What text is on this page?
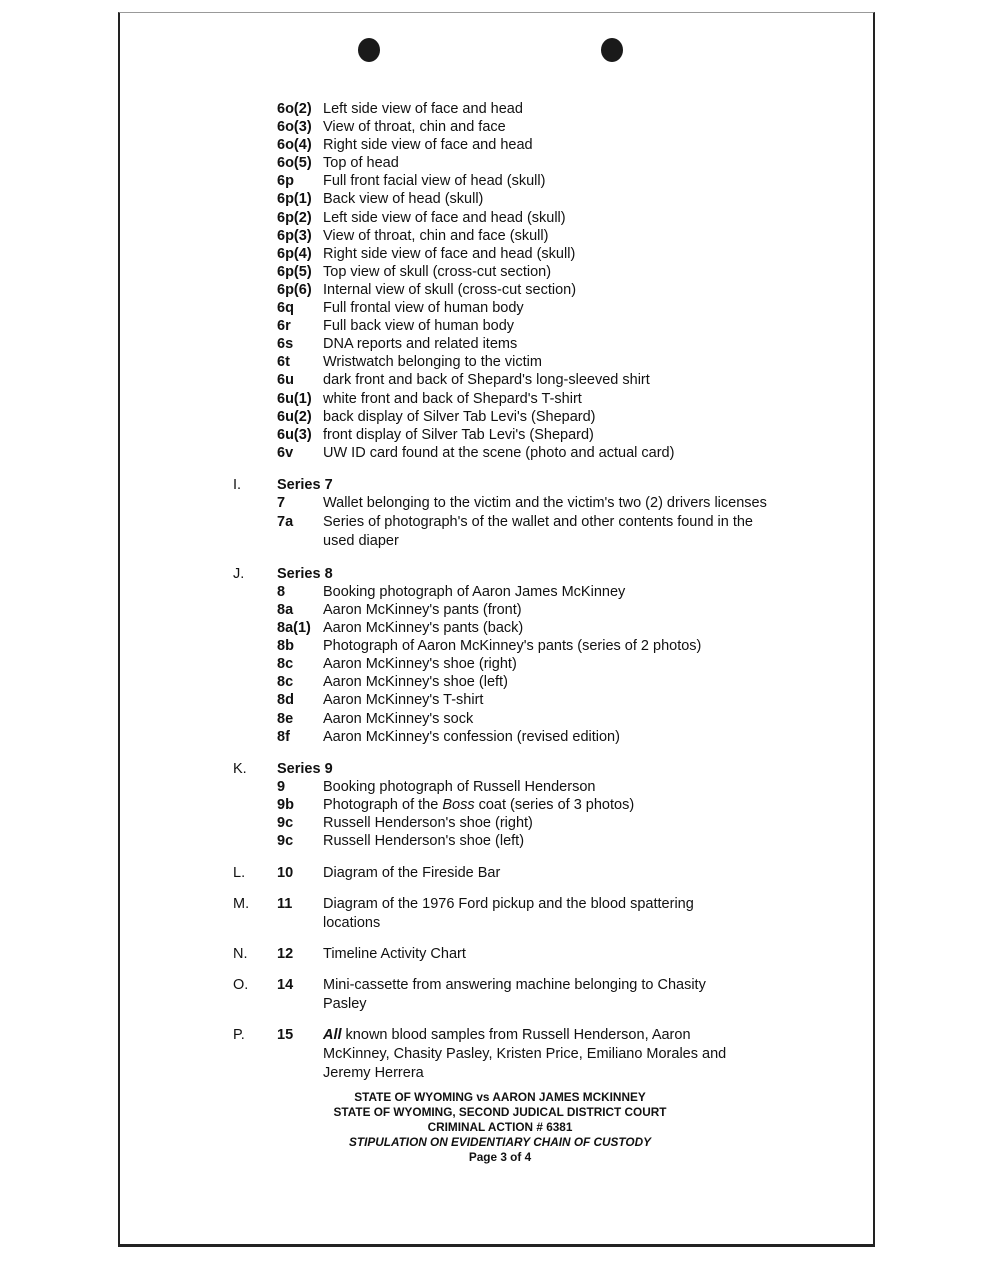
6o(2) Left side view of face and head
6o(3) View of throat, chin and face
6o(4) Right side view of face and head
6o(5) Top of head
6p Full front facial view of head (skull)
6p(1) Back view of head (skull)
6p(2) Left side view of face and head (skull)
6p(3) View of throat, chin and face (skull)
6p(4) Right side view of face and head (skull)
6p(5) Top view of skull (cross-cut section)
6p(6) Internal view of skull (cross-cut section)
6q Full frontal view of human body
6r Full back view of human body
6s DNA reports and related items
6t Wristwatch belonging to the victim
6u dark front and back of Shepard's long-sleeved shirt
6u(1) white front and back of Shepard's T-shirt
6u(2) back display of Silver Tab Levi's (Shepard)
6u(3) front display of Silver Tab Levi's (Shepard)
6v UW ID card found at the scene (photo and actual card)
I. Series 7
7	Wallet belonging to the victim and the victim's two (2) drivers licenses
7a Series of photograph's of the wallet and other contents found in the used diaper
J. Series 8
8	Booking photograph of Aaron James McKinney
8a Aaron McKinney's pants (front)
8a(1) Aaron McKinney's pants (back)
8b Photograph of Aaron McKinney's pants (series of 2 photos)
8c Aaron McKinney's shoe (right)
8c Aaron McKinney's shoe (left)
8d Aaron McKinney's T-shirt
8e Aaron McKinney's sock
8f Aaron McKinney's confession (revised edition)
K. Series 9
9	Booking photograph of Russell Henderson
9b Photograph of the Boss coat (series of 3 photos)
9c Russell Henderson's shoe (right)
9c Russell Henderson's shoe (left)
L. 10 Diagram of the Fireside Bar
M. 11 Diagram of the 1976 Ford pickup and the blood spattering locations
N. 12 Timeline Activity Chart
O. 14 Mini-cassette from answering machine belonging to Chasity Pasley
P. 15 All known blood samples from Russell Henderson, Aaron McKinney, Chasity Pasley, Kristen Price, Emiliano Morales and Jeremy Herrera
STATE OF WYOMING vs AARON JAMES MCKINNEY
STATE OF WYOMING, SECOND JUDICAL DISTRICT COURT
CRIMINAL ACTION # 6381
STIPULATION ON EVIDENTIARY CHAIN OF CUSTODY
Page 3 of 4
